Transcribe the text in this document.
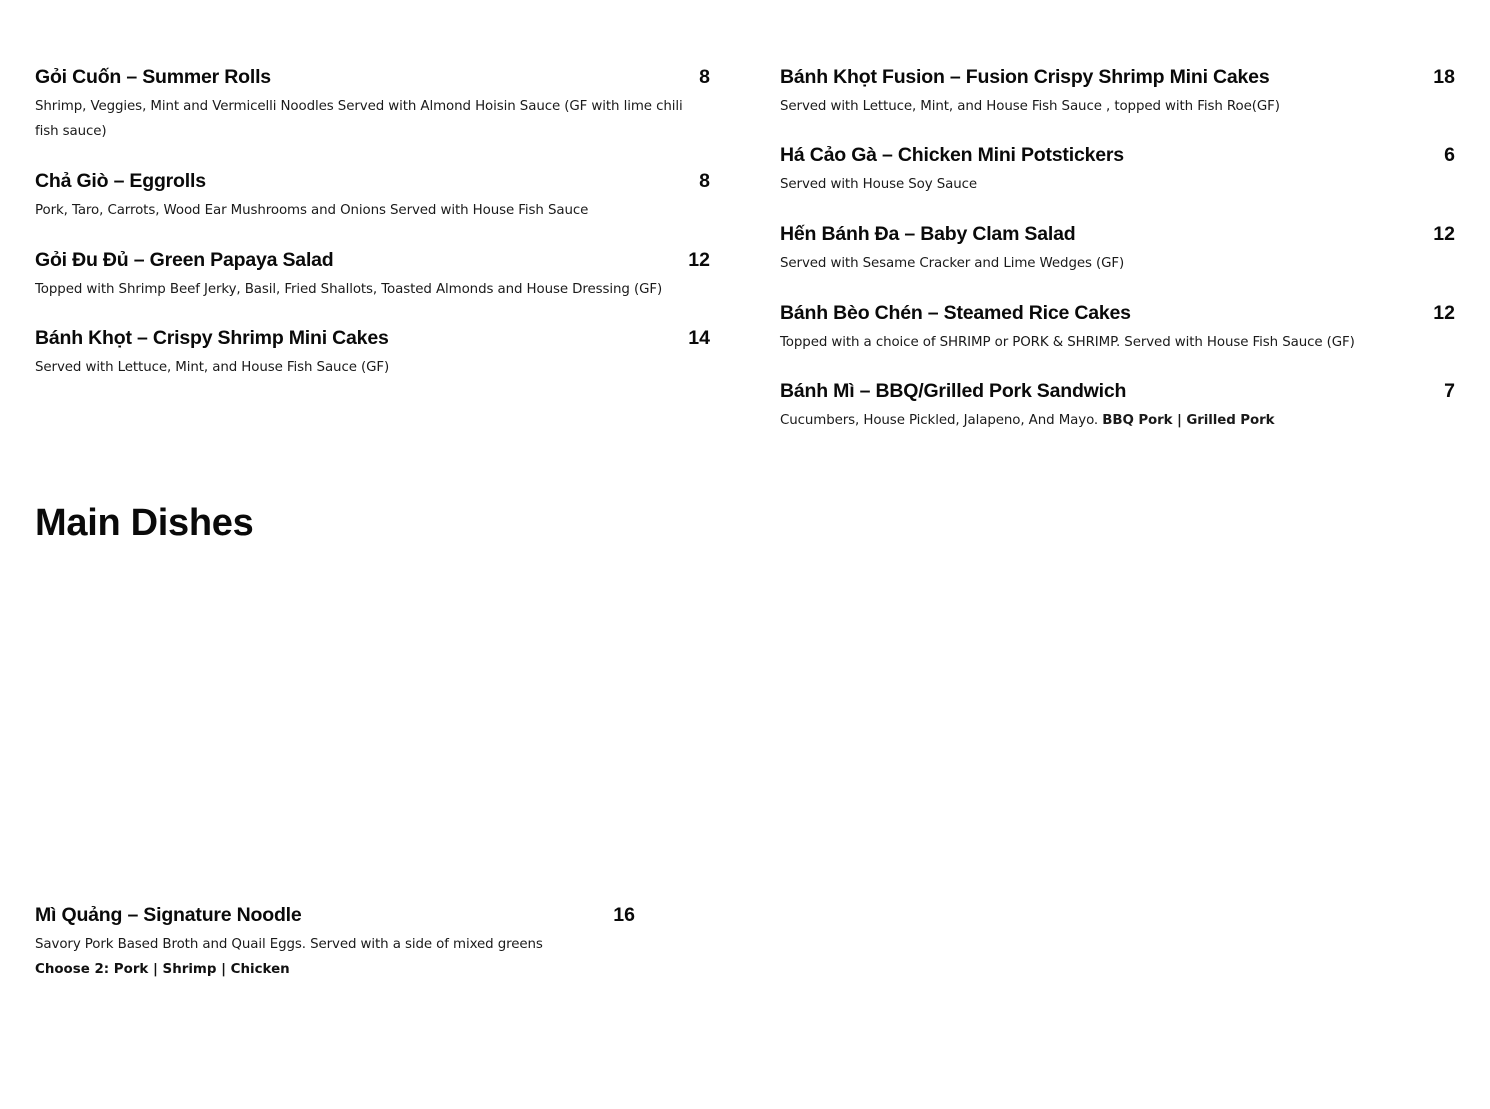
Gỏi Cuốn – Summer Rolls	8
Shrimp, Veggies, Mint and Vermicelli Noodles Served with Almond Hoisin Sauce (GF with lime chili fish sauce)
Chả Giò – Eggrolls	8
Pork, Taro, Carrots, Wood Ear Mushrooms and Onions Served with House Fish Sauce
Gỏi Đu Đủ – Green Papaya Salad	12
Topped with Shrimp Beef Jerky, Basil, Fried Shallots, Toasted Almonds and House Dressing (GF)
Bánh Khọt – Crispy Shrimp Mini Cakes	14
Served with Lettuce, Mint, and House Fish Sauce (GF)
Bánh Khọt Fusion – Fusion Crispy Shrimp Mini Cakes	18
Served with Lettuce, Mint, and House Fish Sauce , topped with Fish Roe(GF)
Há Cảo Gà – Chicken Mini Potstickers	6
Served with House Soy Sauce
Hến Bánh Đa – Baby Clam Salad	12
Served with Sesame Cracker and Lime Wedges (GF)
Bánh Bèo Chén – Steamed Rice Cakes	12
Topped with a choice of SHRIMP or PORK & SHRIMP. Served with House Fish Sauce (GF)
Bánh Mì – BBQ/Grilled Pork Sandwich	7
Cucumbers, House Pickled, Jalapeno, And Mayo. BBQ Pork | Grilled Pork
Main Dishes
Mì Quảng – Signature Noodle	16
Savory Pork Based Broth and Quail Eggs. Served with a side of mixed greens
Choose 2: Pork | Shrimp | Chicken
